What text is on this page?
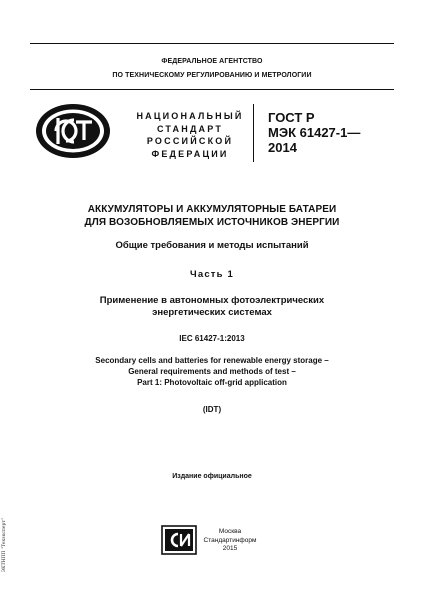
ФЕДЕРАЛЬНОЕ АГЕНТСТВО
ПО ТЕХНИЧЕСКОМУ РЕГУЛИРОВАНИЮ И МЕТРОЛОГИИ
НАЦИОНАЛЬНЫЙ
СТАНДАРТ
РОССИЙСКОЙ
ФЕДЕРАЦИИ
ГОСТ Р
МЭК 61427-1—
2014
АККУМУЛЯТОРЫ И АККУМУЛЯТОРНЫЕ БАТАРЕИ
ДЛЯ ВОЗОБНОВЛЯЕМЫХ ИСТОЧНИКОВ ЭНЕРГИИ
Общие требования и методы испытаний
Часть 1
Применение в автономных фотоэлектрических
энергетических системах
IEC 61427-1:2013
Secondary cells and batteries for renewable energy storage –
General requirements and methods of test –
Part 1: Photovoltaic off-grid application
(IDT)
Издание официальное
ЭКТНПП "Техэксперт"	Москва
Стандартинформ
2015
